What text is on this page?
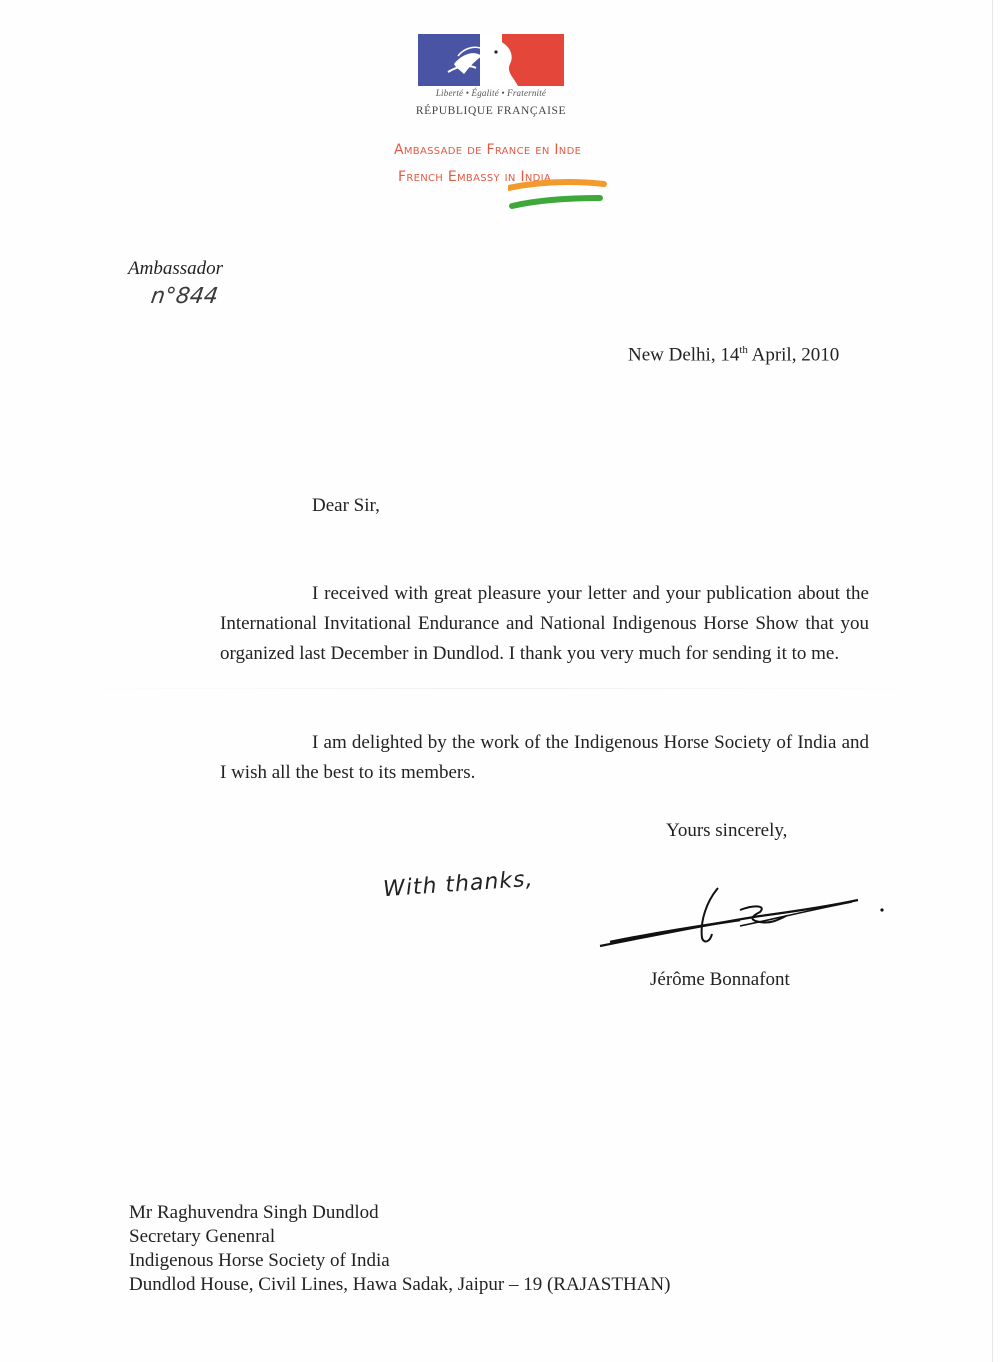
Liberté • Égalité • Fraternité
RÉPUBLIQUE FRANÇAISE
Ambassade de France en Inde
French Embassy in India
Ambassador
n°844
New Delhi, 14th April, 2010
Dear Sir,
I received with great pleasure your letter and your publication about the International Invitational Endurance and National Indigenous Horse Show that you organized last December in Dundlod. I thank you very much for sending it to me.
I am delighted by the work of the Indigenous Horse Society of India and I wish all the best to its members.
Yours sincerely,
With thanks,
Jérôme Bonnafont
Mr Raghuvendra Singh Dundlod
Secretary Genenral
Indigenous Horse Society of India
Dundlod House, Civil Lines, Hawa Sadak, Jaipur – 19 (RAJASTHAN)
